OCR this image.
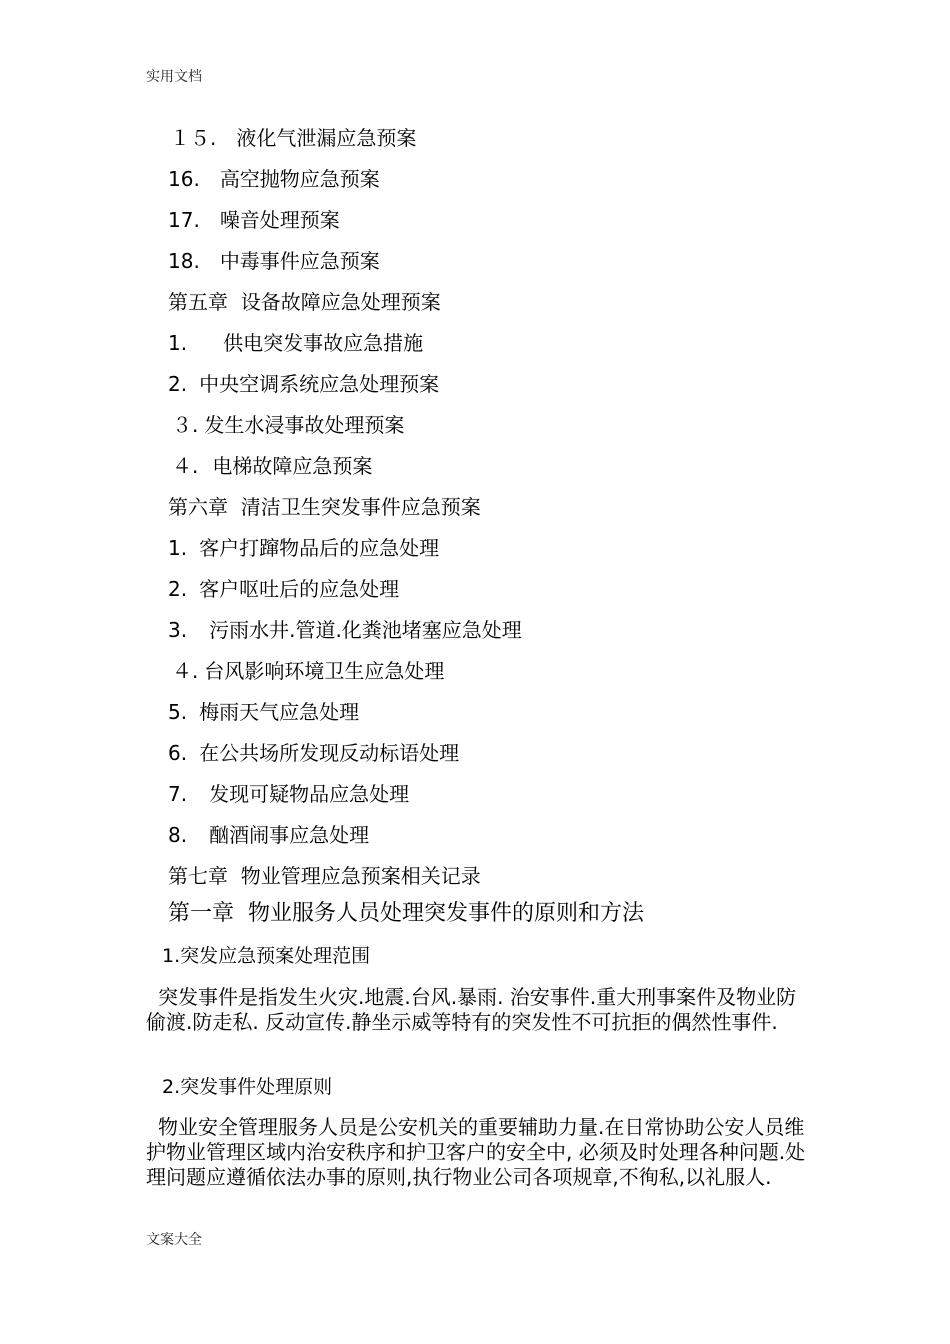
实用文档
１５. 液化气泄漏应急预案
16. 高空抛物应急预案
17. 噪音处理预案
18. 中毒事件应急预案
第五章  设备故障应急处理预案
1. 供电突发事故应急措施
2. 中央空调系统应急处理预案
３. 发生水浸事故处理预案
４. 电梯故障应急预案
第六章  清洁卫生突发事件应急预案
1. 客户打蹿物品后的应急处理
2. 客户呕吐后的应急处理
3. 污雨水井.管道.化粪池堵塞应急处理
４. 台风影响环境卫生应急处理
5. 梅雨天气应急处理
6. 在公共场所发现反动标语处理
7. 发现可疑物品应急处理
8. 酗酒闹事应急处理
第七章  物业管理应急预案相关记录
第一章  物业服务人员处理突发事件的原则和方法
1.突发应急预案处理范围

突发事件是指发生火灾.地震.台风.暴雨. 治安事件.重大刑事案件及物业防偷渡.防走私. 反动宣传.静坐示威等特有的突发性不可抗拒的偶然性事件.

2.突发事件处理原则

物业安全管理服务人员是公安机关的重要辅助力量.在日常协助公安人员维护物业管理区域内治安秩序和护卫客户的安全中, 必须及时处理各种问题.处理问题应遵循依法办事的原则,执行物业公司各项规章,不徇私,以礼服人.

文案大全
